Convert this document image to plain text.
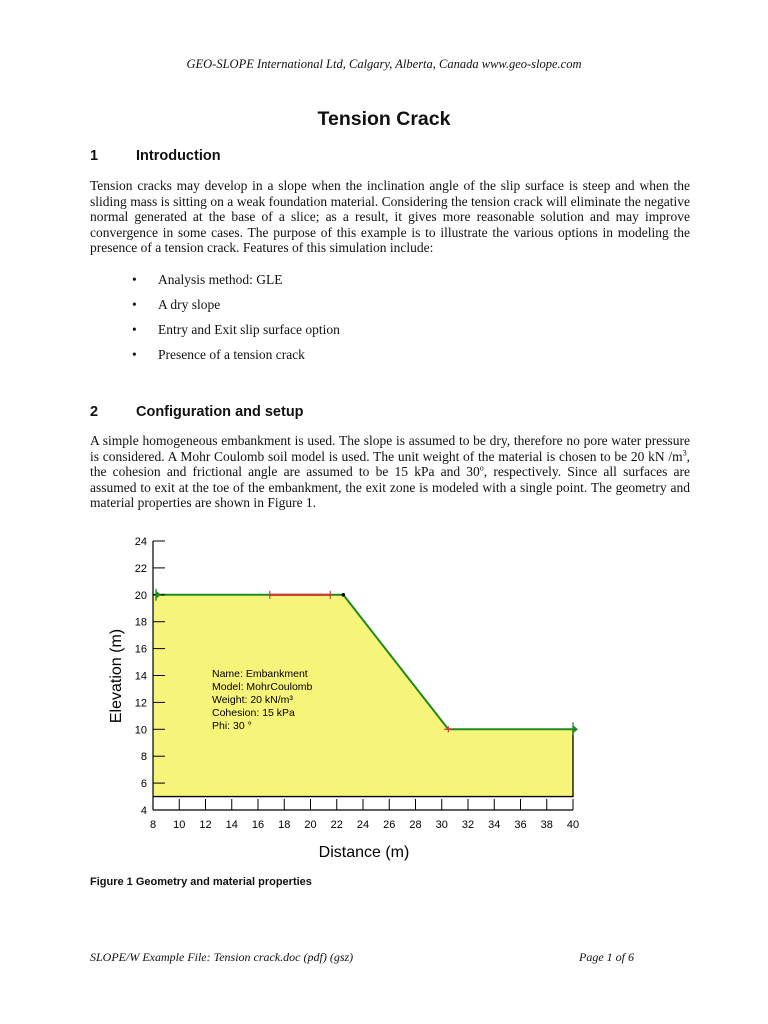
GEO-SLOPE International Ltd, Calgary, Alberta, Canada www.geo-slope.com
Tension Crack
1	Introduction
Tension cracks may develop in a slope when the inclination angle of the slip surface is steep and when the sliding mass is sitting on a weak foundation material. Considering the tension crack will eliminate the negative normal generated at the base of a slice; as a result, it gives more reasonable solution and may improve convergence in some cases. The purpose of this example is to illustrate the various options in modeling the presence of a tension crack. Features of this simulation include:
• Analysis method: GLE
• A dry slope
• Entry and Exit slip surface option
• Presence of a tension crack
2	Configuration and setup
A simple homogeneous embankment is used. The slope is assumed to be dry, therefore no pore water pressure is considered. A Mohr Coulomb soil model is used. The unit weight of the material is chosen to be 20 kN $/m^3$, the cohesion and frictional angle are assumed to be 15 kPa and 30$^o$, respectively. Since all surfaces are assumed to exit at the toe of the embankment, the exit zone is modeled with a single point. The geometry and material properties are shown in Figure 1.
8 10 12 14 16 18 20 22 24 26 28 30 32 34 36 38 40
4
6
8
10
12
14
16
18
20
22
24
Name: Embankment
Model: MohrCoulomb
Weight: 20 kN/m³
Cohesion: 15 kPa
Phi: 30 °
Distance (m)
Elevation (m)
Figure 1 Geometry and material properties
SLOPE/W Example File: Tension crack.doc (pdf) (gsz)	Page 1 of 6
